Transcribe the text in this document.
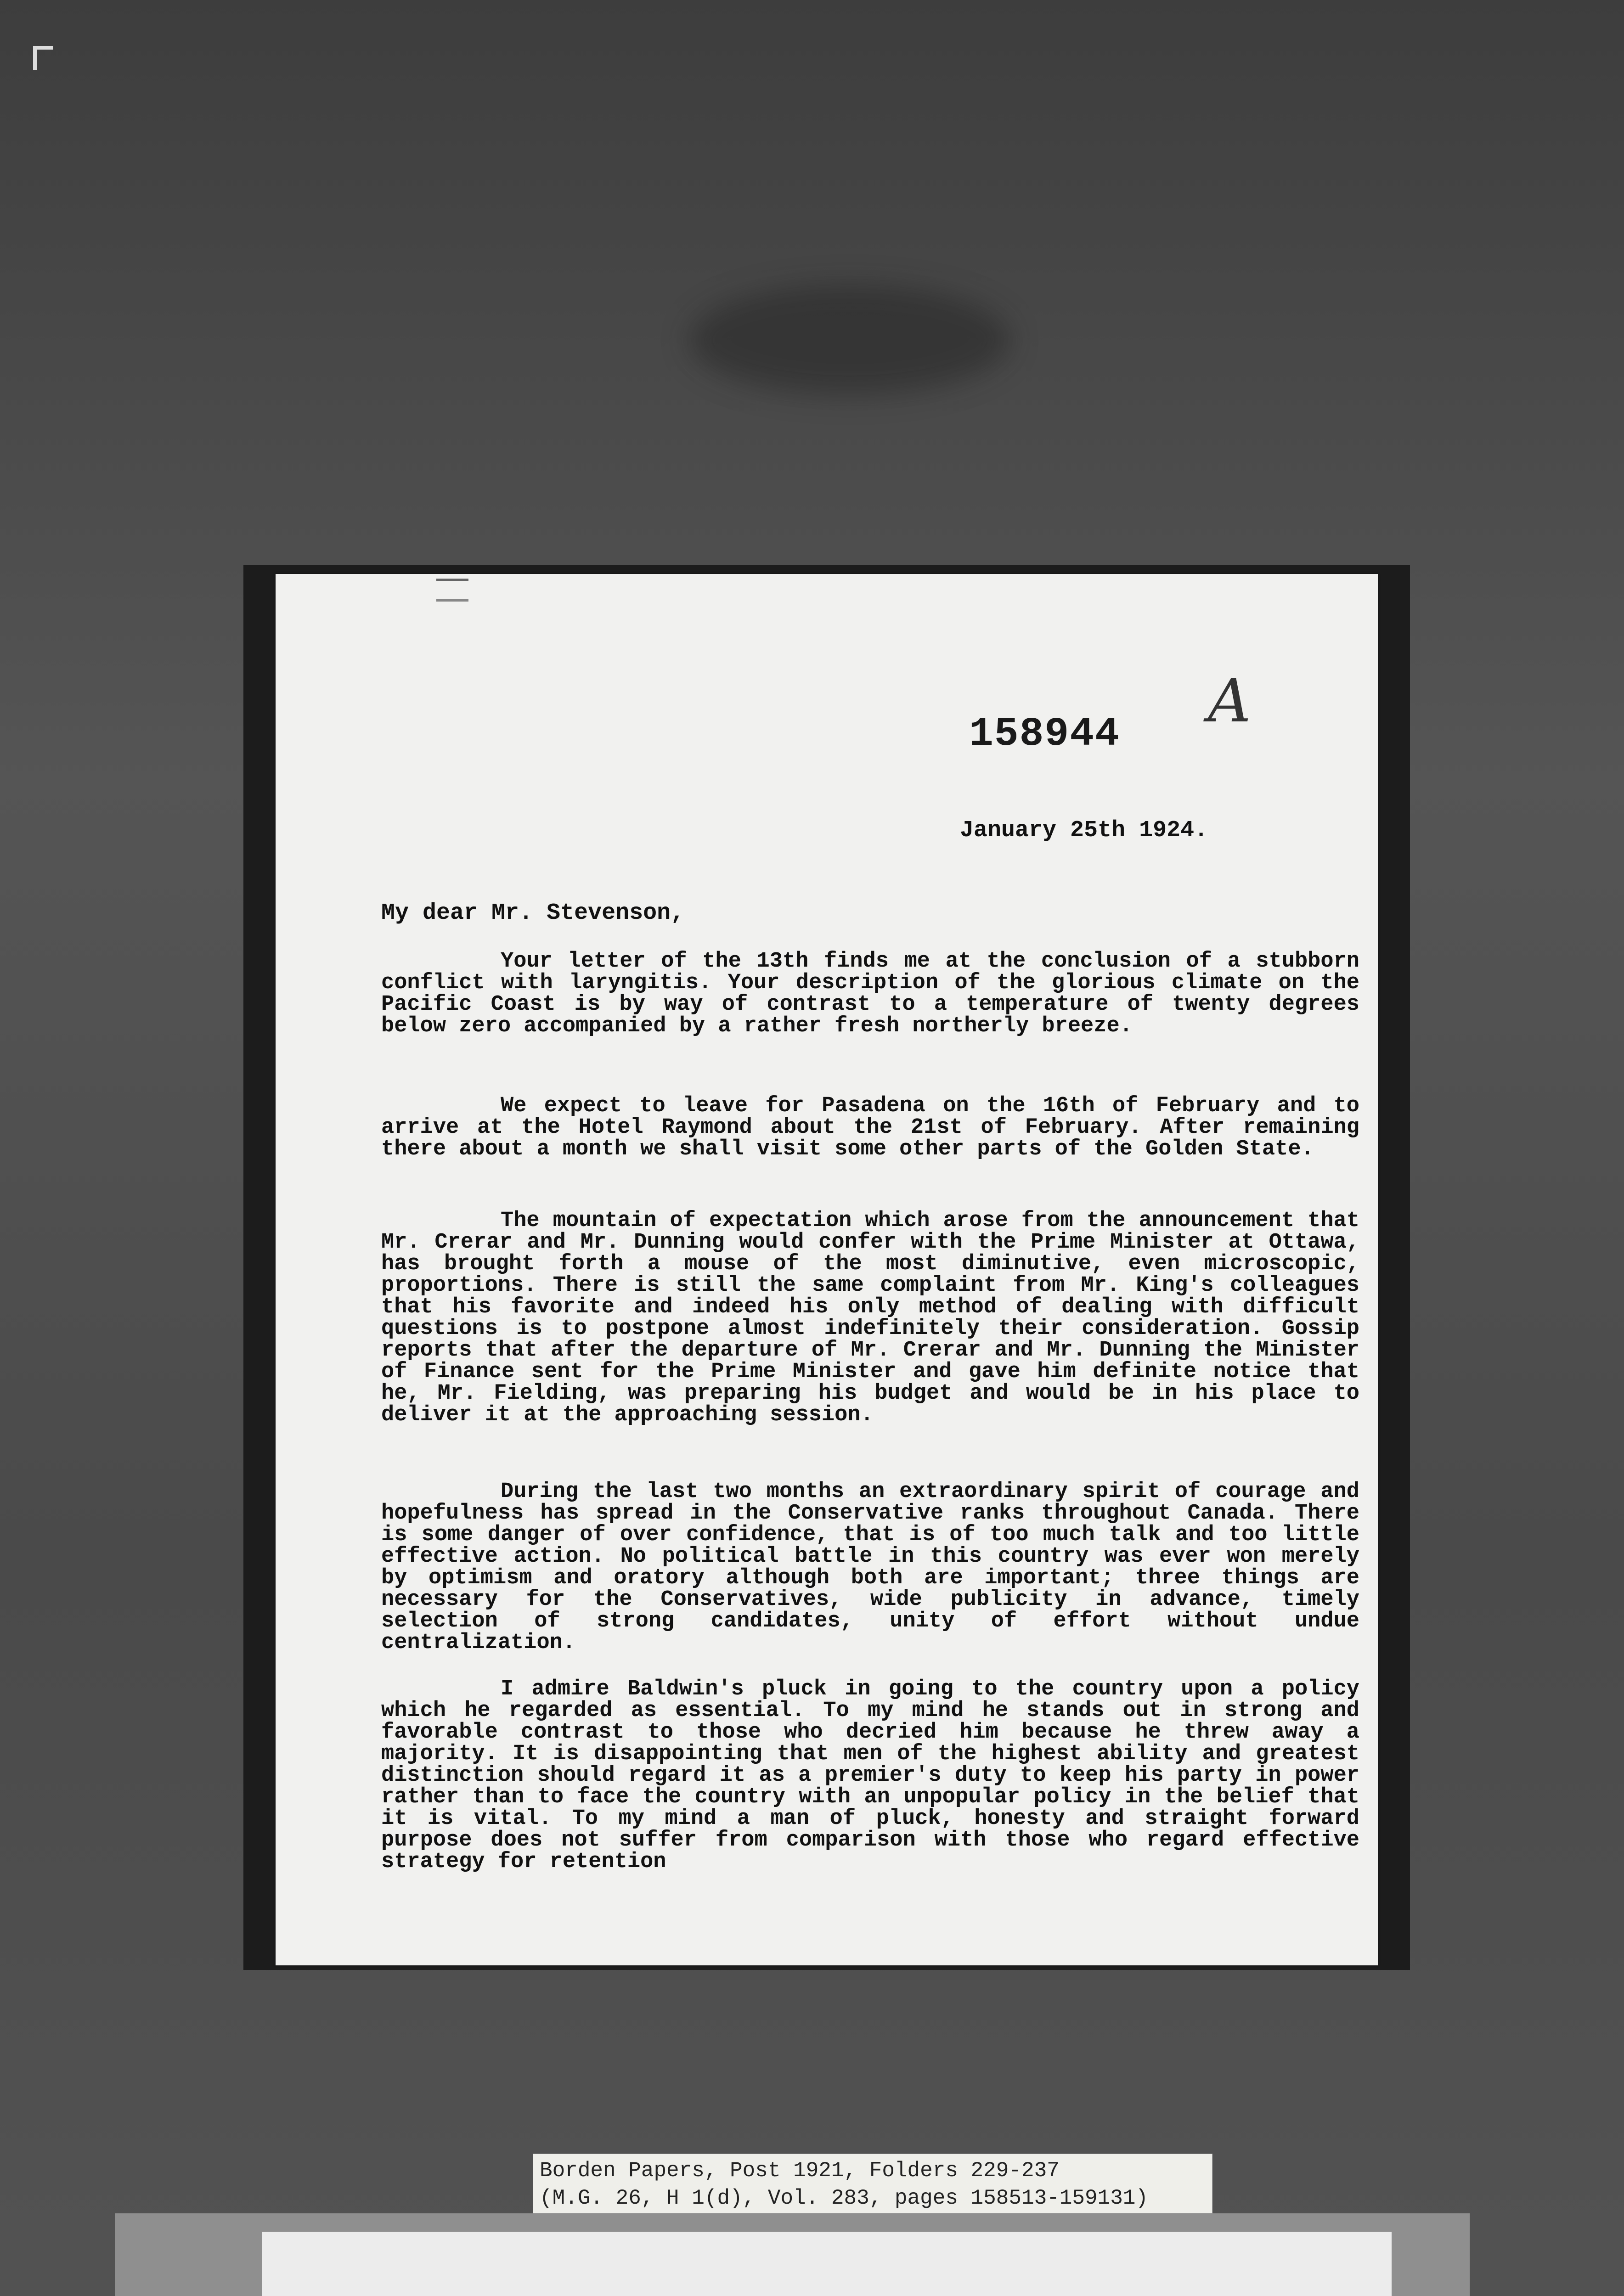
158944 A
January 25th 1924.
My dear Mr. Stevenson,
Your letter of the 13th finds me at the conclusion of a stubborn conflict with laryngitis. Your description of the glorious climate on the Pacific Coast is by way of contrast to a temperature of twenty degrees below zero accompanied by a rather fresh northerly breeze.
We expect to leave for Pasadena on the 16th of February and to arrive at the Hotel Raymond about the 21st of February. After remaining there about a month we shall visit some other parts of the Golden State.
The mountain of expectation which arose from the announcement that Mr. Crerar and Mr. Dunning would confer with the Prime Minister at Ottawa, has brought forth a mouse of the most diminutive, even microscopic, proportions. There is still the same complaint from Mr. King's colleagues that his favorite and indeed his only method of dealing with difficult questions is to postpone almost indefinitely their consideration. Gossip reports that after the departure of Mr. Crerar and Mr. Dunning the Minister of Finance sent for the Prime Minister and gave him definite notice that he, Mr. Fielding, was preparing his budget and would be in his place to deliver it at the approaching session.
During the last two months an extraordinary spirit of courage and hopefulness has spread in the Conservative ranks throughout Canada. There is some danger of over confidence, that is of too much talk and too little effective action. No political battle in this country was ever won merely by optimism and oratory although both are important; three things are necessary for the Conservatives, wide publicity in advance, timely selection of strong candidates, unity of effort without undue centralization.
I admire Baldwin's pluck in going to the country upon a policy which he regarded as essential. To my mind he stands out in strong and favorable contrast to those who decried him because he threw away a majority. It is disappointing that men of the highest ability and greatest distinction should regard it as a premier's duty to keep his party in power rather than to face the country with an unpopular policy in the belief that it is vital. To my mind a man of pluck, honesty and straight forward purpose does not suffer from comparison with those who regard effective strategy for retention
Borden Papers, Post 1921, Folders 229-237
(M.G. 26, H 1(d), Vol. 283, pages 158513-159131)
